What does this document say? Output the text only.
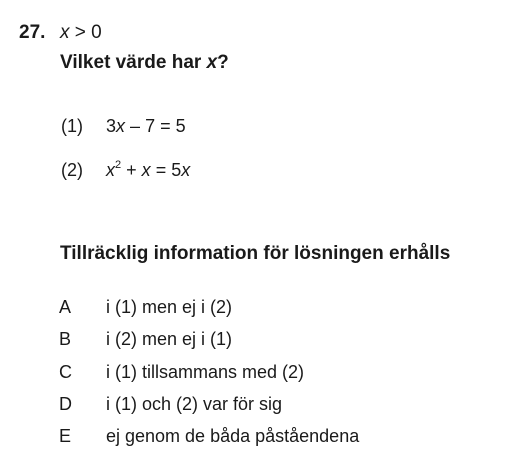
27. x > 0
Vilket värde har x?
(1) 3x – 7 = 5
(2) $x^2 + x = 5x$
Tillräcklig information för lösningen erhålls
A i (1) men ej i (2)
B i (2) men ej i (1)
C i (1) tillsammans med (2)
D i (1) och (2) var för sig
E ej genom de båda påståendena
